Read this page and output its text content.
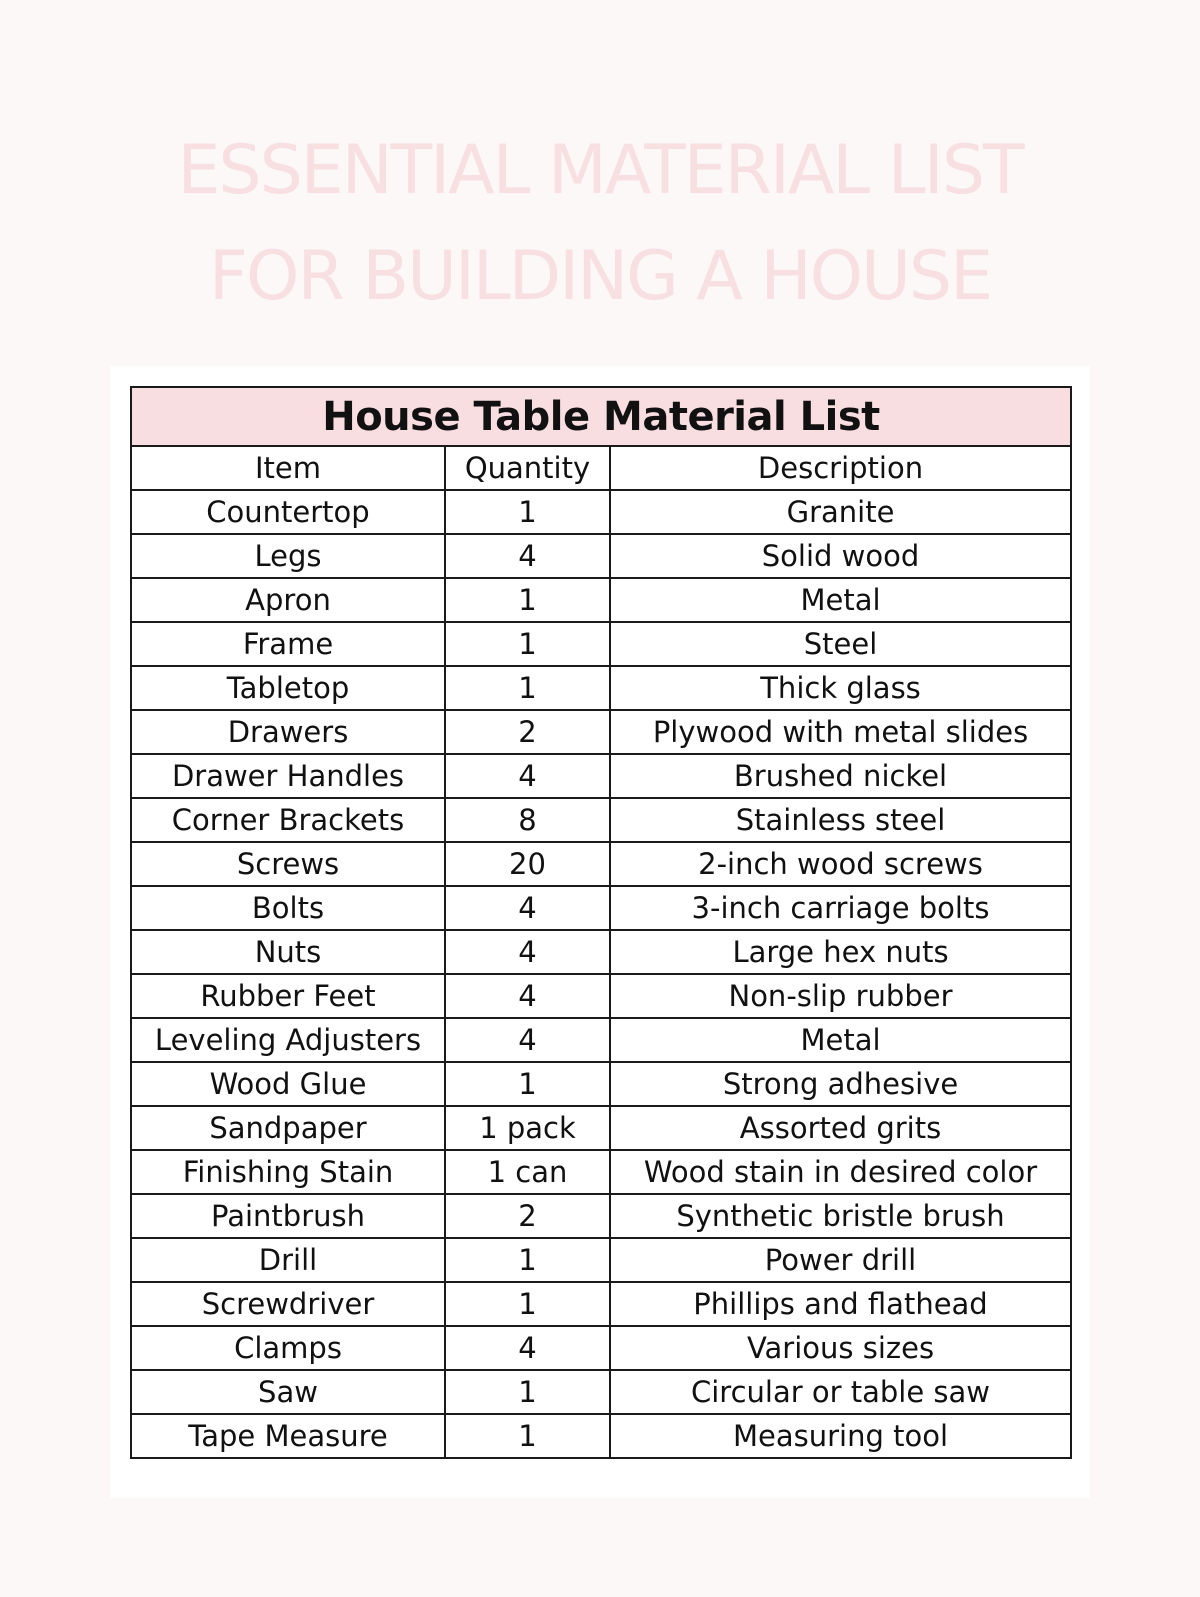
ESSENTIAL MATERIAL LIST
FOR BUILDING A HOUSE
House Table Material List		
Item	Quantity	Description
Countertop	1	Granite
Legs	4	Solid wood
Apron	1	Metal
Frame	1	Steel
Tabletop	1	Thick glass
Drawers	2	Plywood with metal slides
Drawer Handles	4	Brushed nickel
Corner Brackets	8	Stainless steel
Screws	20	2-inch wood screws
Bolts	4	3-inch carriage bolts
Nuts	4	Large hex nuts
Rubber Feet	4	Non-slip rubber
Leveling Adjusters	4	Metal
Wood Glue	1	Strong adhesive
Sandpaper	1 pack	Assorted grits
Finishing Stain	1 can	Wood stain in desired color
Paintbrush	2	Synthetic bristle brush
Drill	1	Power drill
Screwdriver	1	Phillips and flathead
Clamps	4	Various sizes
Saw	1	Circular or table saw
Tape Measure	1	Measuring tool
